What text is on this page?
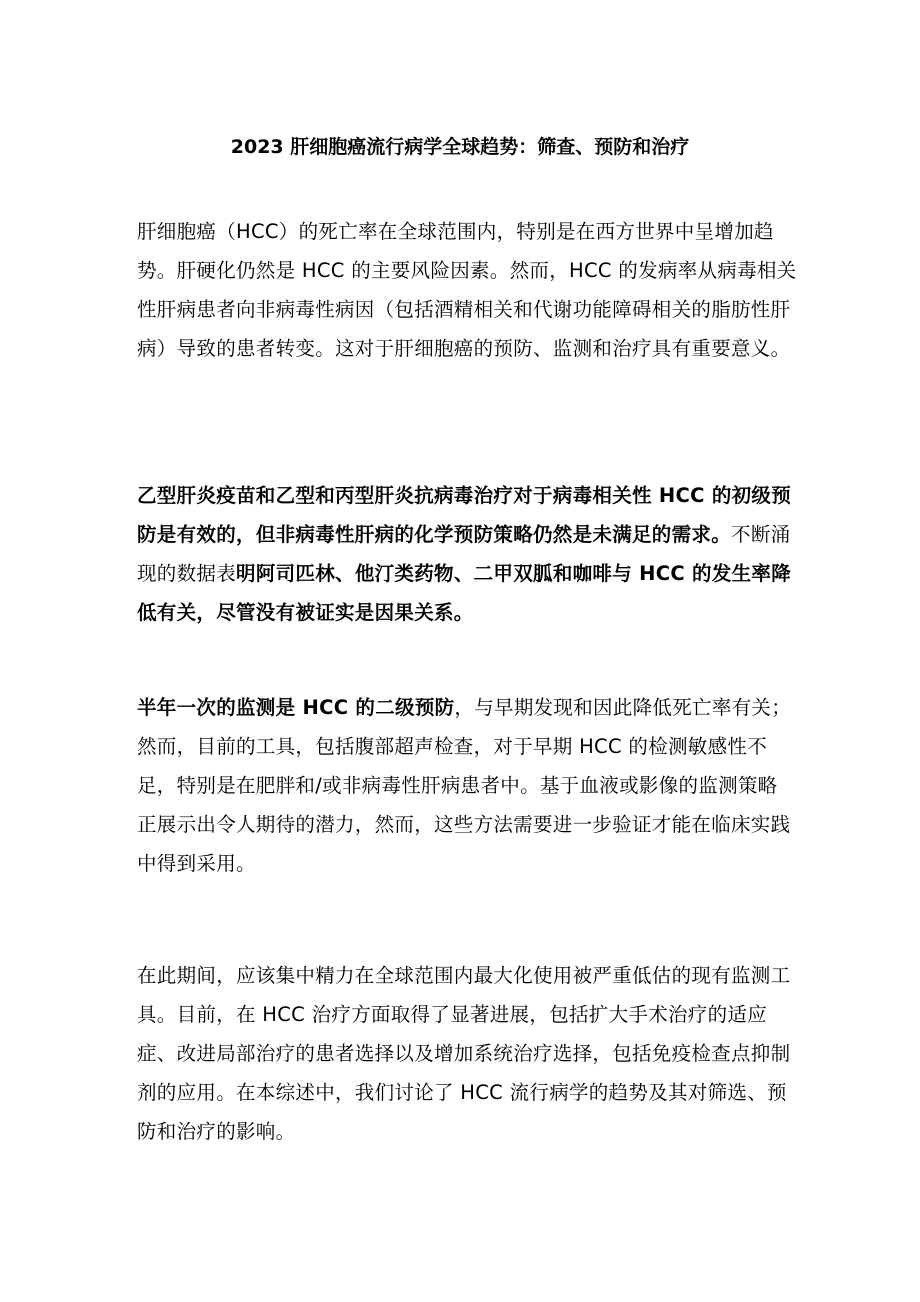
2023 肝细胞癌流行病学全球趋势：筛查、预防和治疗

肝细胞癌（HCC）的死亡率在全球范围内，特别是在西方世界中呈增加趋势。肝硬化仍然是 HCC 的主要风险因素。然而，HCC 的发病率从病毒相关性肝病患者向非病毒性病因（包括酒精相关和代谢功能障碍相关的脂肪性肝病）导致的患者转变。这对于肝细胞癌的预防、监测和治疗具有重要意义。

乙型肝炎疫苗和乙型和丙型肝炎抗病毒治疗对于病毒相关性 HCC 的初级预防是有效的，但非病毒性肝病的化学预防策略仍然是未满足的需求。不断涌现的数据表明阿司匹林、他汀类药物、二甲双胍和咖啡与 HCC 的发生率降低有关，尽管没有被证实是因果关系。

半年一次的监测是 HCC 的二级预防，与早期发现和因此降低死亡率有关；然而，目前的工具，包括腹部超声检查，对于早期 HCC 的检测敏感性不足，特别是在肥胖和/或非病毒性肝病患者中。基于血液或影像的监测策略正展示出令人期待的潜力，然而，这些方法需要进一步验证才能在临床实践中得到采用。

在此期间，应该集中精力在全球范围内最大化使用被严重低估的现有监测工具。目前，在 HCC 治疗方面取得了显著进展，包括扩大手术治疗的适应症、改进局部治疗的患者选择以及增加系统治疗选择，包括免疫检查点抑制剂的应用。在本综述中，我们讨论了 HCC 流行病学的趋势及其对筛选、预防和治疗的影响。
